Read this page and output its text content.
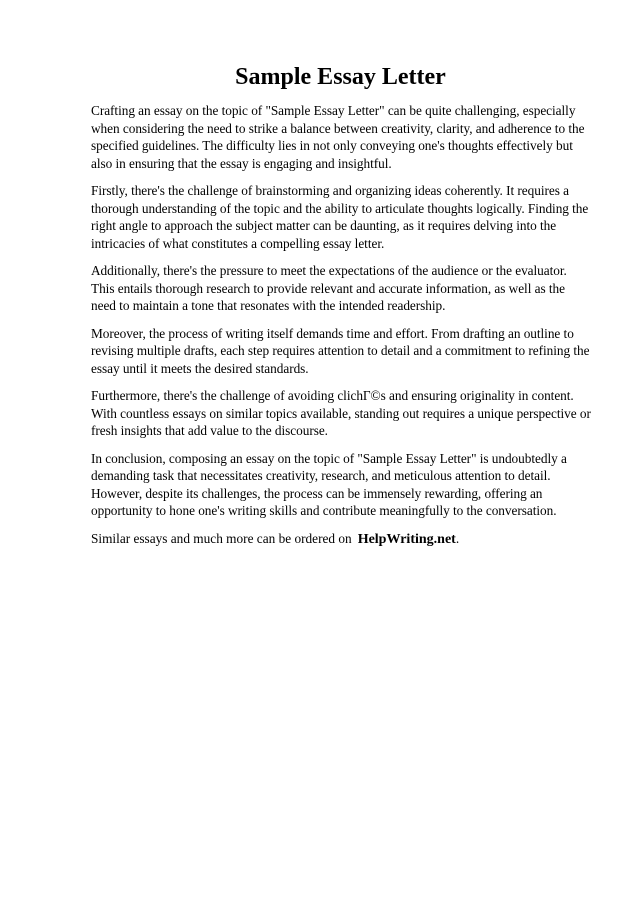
Sample Essay Letter

Crafting an essay on the topic of "Sample Essay Letter" can be quite challenging, especially when considering the need to strike a balance between creativity, clarity, and adherence to the specified guidelines. The difficulty lies in not only conveying one's thoughts effectively but also in ensuring that the essay is engaging and insightful.

Firstly, there's the challenge of brainstorming and organizing ideas coherently. It requires a thorough understanding of the topic and the ability to articulate thoughts logically. Finding the right angle to approach the subject matter can be daunting, as it requires delving into the intricacies of what constitutes a compelling essay letter.

Additionally, there's the pressure to meet the expectations of the audience or the evaluator. This entails thorough research to provide relevant and accurate information, as well as the need to maintain a tone that resonates with the intended readership.

Moreover, the process of writing itself demands time and effort. From drafting an outline to revising multiple drafts, each step requires attention to detail and a commitment to refining the essay until it meets the desired standards.

Furthermore, there's the challenge of avoiding clichГ©s and ensuring originality in content. With countless essays on similar topics available, standing out requires a unique perspective or fresh insights that add value to the discourse.

In conclusion, composing an essay on the topic of "Sample Essay Letter" is undoubtedly a demanding task that necessitates creativity, research, and meticulous attention to detail. However, despite its challenges, the process can be immensely rewarding, offering an opportunity to hone one's writing skills and contribute meaningfully to the conversation.

Similar essays and much more can be ordered on HelpWriting.net.
